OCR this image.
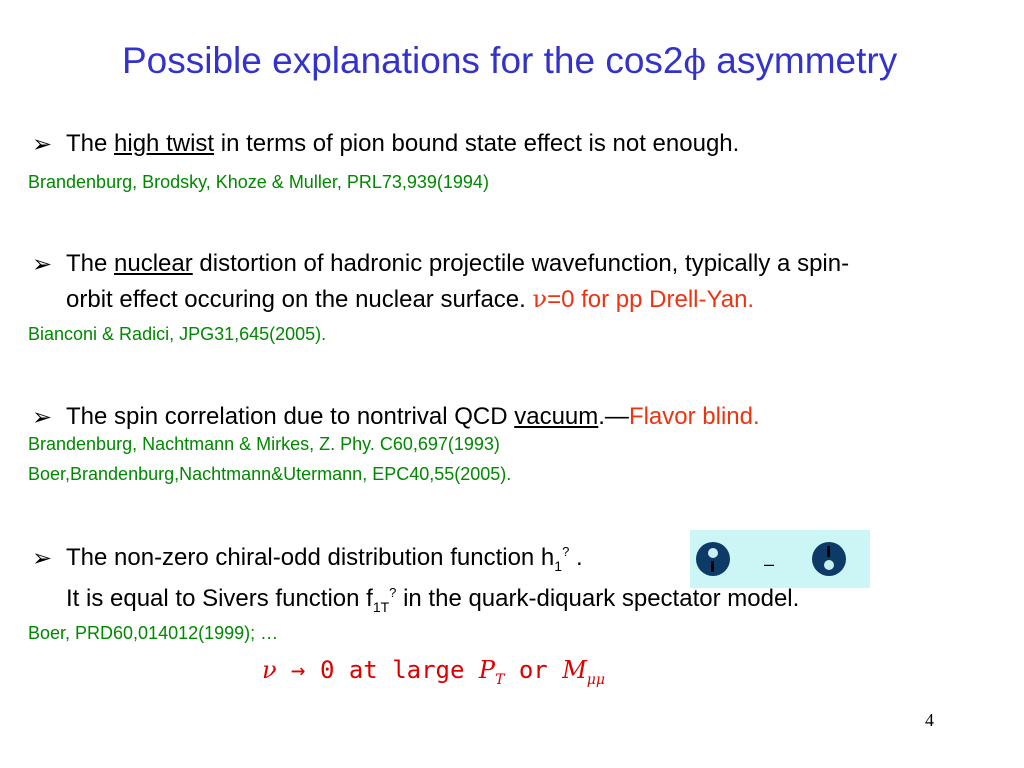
Possible explanations for the cos2ϕ asymmetry
➢ The high twist in terms of pion bound state effect is not enough.
Brandenburg, Brodsky, Khoze & Muller, PRL73,939(1994)
➢ The nuclear distortion of hadronic projectile wavefunction, typically a spin-
orbit effect occuring on the nuclear surface. ν=0 for pp Drell-Yan.
Bianconi & Radici, JPG31,645(2005).
➢ The spin correlation due to nontrival QCD vacuum.—Flavor blind.
Brandenburg, Nachtmann & Mirkes, Z. Phy. C60,697(1993)
Boer,Brandenburg,Nachtmann&Utermann, EPC40,55(2005).
➢ The non-zero chiral-odd distribution function $h_1^?$ .	–
It is equal to Sivers function $f_{1T}^?$ in the quark-diquark spectator model.
Boer, PRD60,014012(1999); …
ν → 0 at large $P_T$ or $M_{\mu\mu}$
4
